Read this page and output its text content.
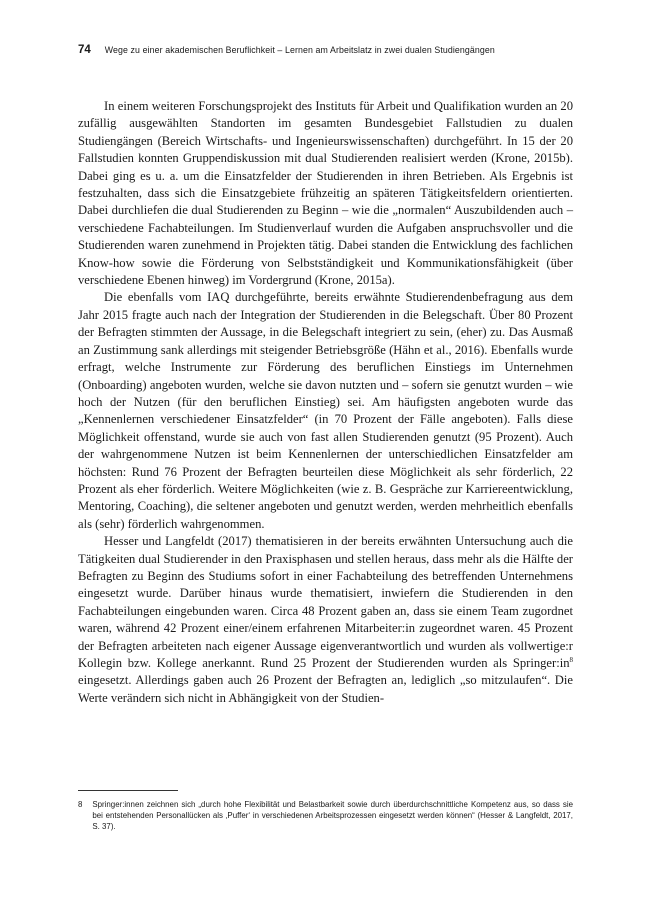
74 Wege zu einer akademischen Beruflichkeit – Lernen am Arbeitslatz in zwei dualen Studiengängen

In einem weiteren Forschungsprojekt des Instituts für Arbeit und Qualifikation wurden an 20 zufällig ausgewählten Standorten im gesamten Bundesgebiet Fallstudien zu dualen Studiengängen (Bereich Wirtschafts- und Ingenieurswissenschaften) durchgeführt. In 15 der 20 Fallstudien konnten Gruppendiskussion mit dual Studierenden realisiert werden (Krone, 2015b). Dabei ging es u. a. um die Einsatzfelder der Studierenden in ihren Betrieben. Als Ergebnis ist festzuhalten, dass sich die Einsatzgebiete frühzeitig an späteren Tätigkeitsfeldern orientierten. Dabei durchliefen die dual Studierenden zu Beginn – wie die „normalen“ Auszubildenden auch – verschiedene Fachabteilungen. Im Studienverlauf wurden die Aufgaben anspruchsvoller und die Studierenden waren zunehmend in Projekten tätig. Dabei standen die Entwicklung des fachlichen Know-how sowie die Förderung von Selbstständigkeit und Kommunikationsfähigkeit (über verschiedene Ebenen hinweg) im Vordergrund (Krone, 2015a).

Die ebenfalls vom IAQ durchgeführte, bereits erwähnte Studierendenbefragung aus dem Jahr 2015 fragte auch nach der Integration der Studierenden in die Belegschaft. Über 80 Prozent der Befragten stimmten der Aussage, in die Belegschaft integriert zu sein, (eher) zu. Das Ausmaß an Zustimmung sank allerdings mit steigender Betriebsgröße (Hähn et al., 2016). Ebenfalls wurde erfragt, welche Instrumente zur Förderung des beruflichen Einstiegs im Unternehmen (Onboarding) angeboten wurden, welche sie davon nutzten und – sofern sie genutzt wurden – wie hoch der Nutzen (für den beruflichen Einstieg) sei. Am häufigsten angeboten wurde das „Kennenlernen verschiedener Einsatzfelder“ (in 70 Prozent der Fälle angeboten). Falls diese Möglichkeit offenstand, wurde sie auch von fast allen Studierenden genutzt (95 Prozent). Auch der wahrgenommene Nutzen ist beim Kennenlernen der unterschiedlichen Einsatzfelder am höchsten: Rund 76 Prozent der Befragten beurteilen diese Möglichkeit als sehr förderlich, 22 Prozent als eher förderlich. Weitere Möglichkeiten (wie z. B. Gespräche zur Karriereentwicklung, Mentoring, Coaching), die seltener angeboten und genutzt werden, werden mehrheitlich ebenfalls als (sehr) förderlich wahrgenommen.

Hesser und Langfeldt (2017) thematisieren in der bereits erwähnten Untersuchung auch die Tätigkeiten dual Studierender in den Praxisphasen und stellen heraus, dass mehr als die Hälfte der Befragten zu Beginn des Studiums sofort in einer Fachabteilung des betreffenden Unternehmens eingesetzt wurde. Darüber hinaus wurde thematisiert, inwiefern die Studierenden in den Fachabteilungen eingebunden waren. Circa 48 Prozent gaben an, dass sie einem Team zugordnet waren, während 42 Prozent einer/einem erfahrenen Mitarbeiter:in zugeordnet waren. 45 Prozent der Befragten arbeiteten nach eigener Aussage eigenverantwortlich und wurden als vollwertige:r Kollegin bzw. Kollege anerkannt. Rund 25 Prozent der Studierenden wurden als Springer:in$^8$ eingesetzt. Allerdings gaben auch 26 Prozent der Befragten an, lediglich „so mitzulaufen“. Die Werte verändern sich nicht in Abhängigkeit von der Studien-

8 Springer:innen zeichnen sich „durch hohe Flexibilität und Belastbarkeit sowie durch überdurchschnittliche Kompetenz aus, so dass sie bei entstehenden Personallücken als ‚Puffer‘ in verschiedenen Arbeitsprozessen eingesetzt werden können“ (Hesser & Langfeldt, 2017, S. 37).
